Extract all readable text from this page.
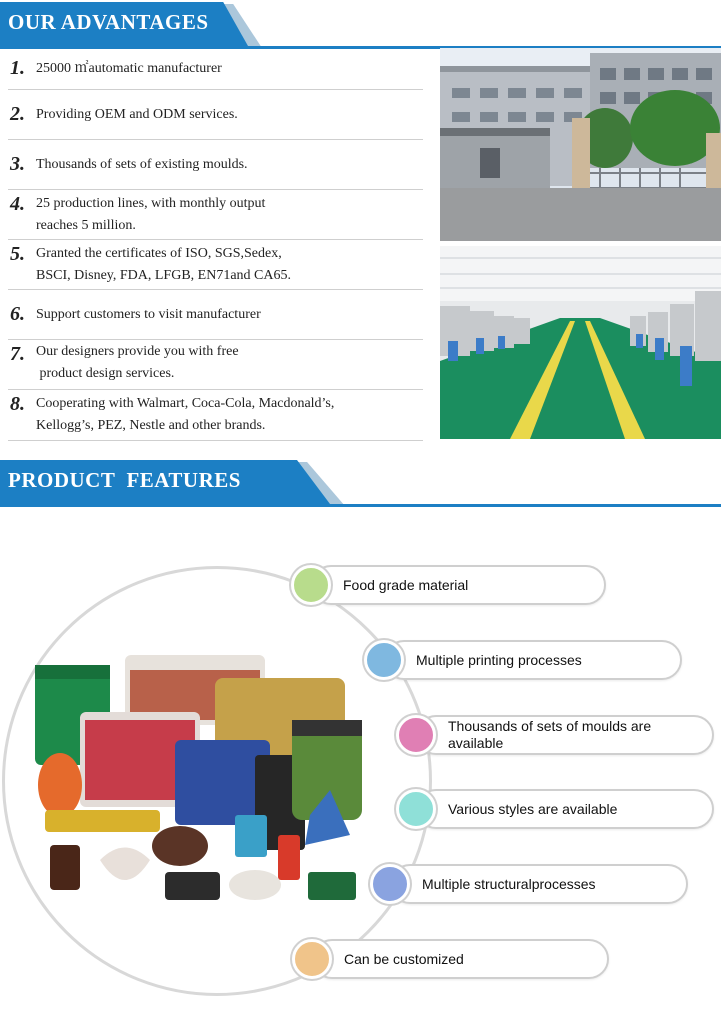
OUR ADVANTAGES
1. 25000 ㎡automatic manufacturer
2. Providing OEM and ODM services.
3. Thousands of sets of existing moulds.
4. 25 production lines, with monthly output
reaches 5 million.
5. Granted the certificates of ISO, SGS,Sedex,
BSCI, Disney, FDA, LFGB, EN71and CA65.
6. Support customers to visit manufacturer
7. Our designers provide you with free
product design services.
8. Cooperating with Walmart, Coca-Cola, Macdonald’s,
Kellogg’s, PEZ, Nestle and other brands.
PRODUCT  FEATURES
Food grade material
Multiple printing processes
Thousands of sets of moulds are available
Various styles are available
Multiple structuralprocesses
Can be customized
